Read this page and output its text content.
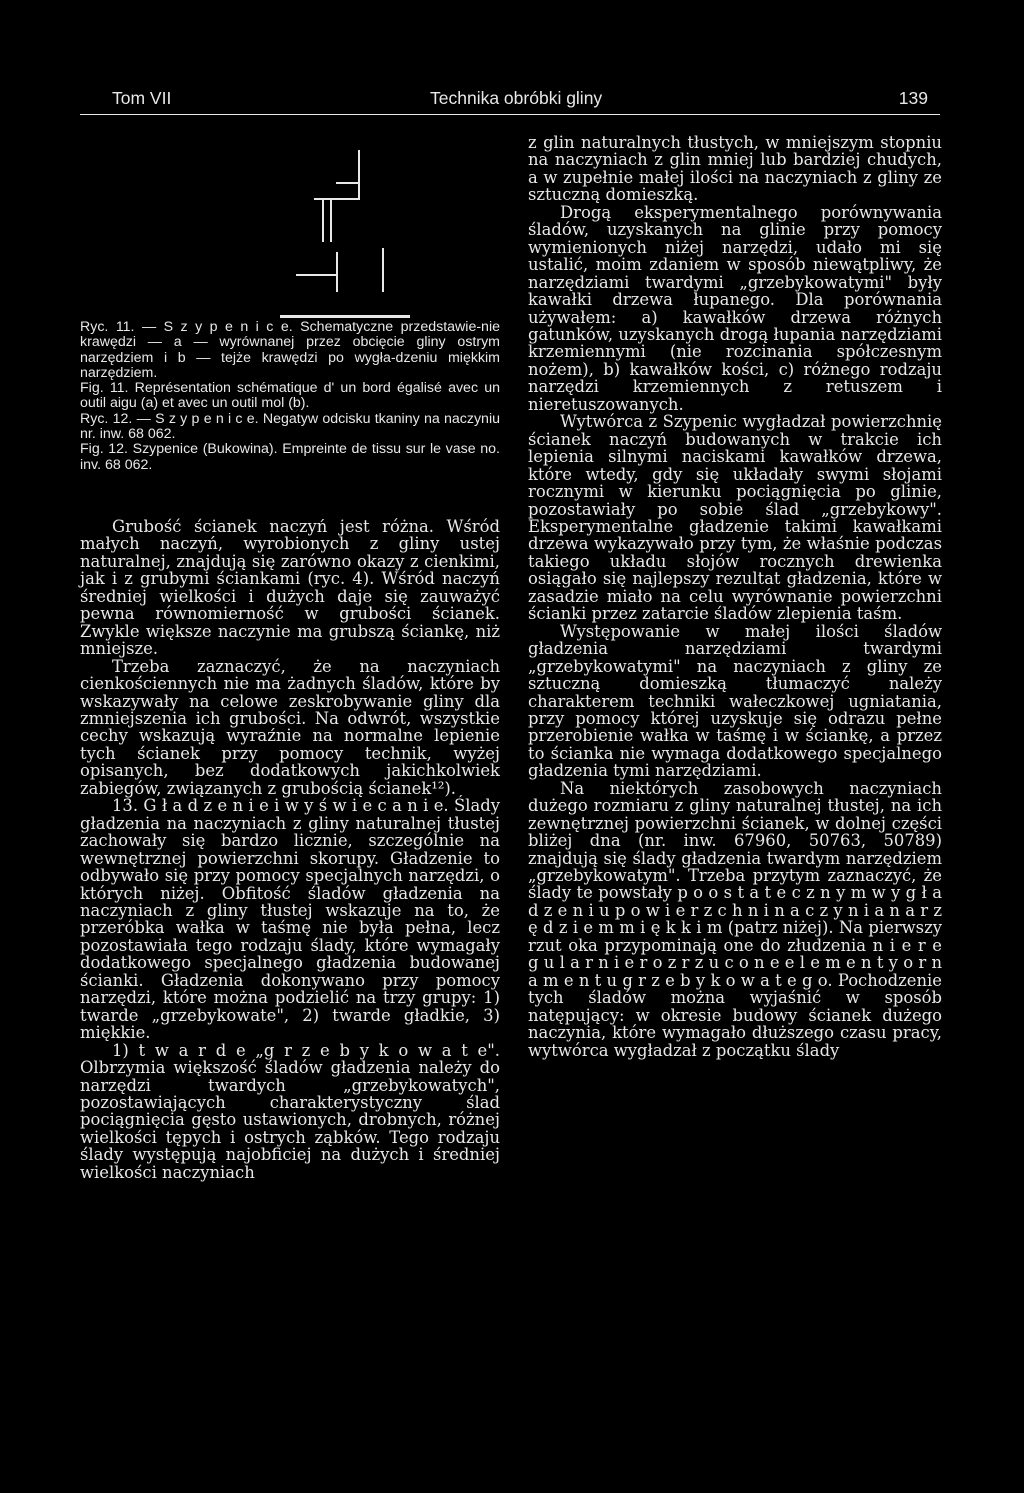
Tom VII	Technika obróbki gliny	139

Ryc. 11. — S z y p e n i c e. Schematyczne przedstawie-nie krawędzi — a — wyrównanej przez obcięcie gliny ostrym narzędziem i b — tejże krawędzi po wygła-dzeniu miękkim narzędziem.

Fig. 11. Représentation schématique d' un bord égalisé avec un outil aigu (a) et avec un outil mol (b).

Ryc. 12. — S z y p e n i c e. Negatyw odcisku tkaniny na naczyniu nr. inw. 68 062.

Fig. 12. Szypenice (Bukowina). Empreinte de tissu sur le vase no. inv. 68 062.

Grubość ścianek naczyń jest różna. Wśród małych naczyń, wyrobionych z gliny ustej naturalnej, znajdują się zarówno okazy z cienkimi, jak i z grubymi ściankami (ryc. 4). Wśród naczyń średniej wielkości i dużych daje się zauważyć pewna równomierność w grubości ścianek. Zwykle większe naczynie ma grubszą ściankę, niż mniejsze.

Trzeba zaznaczyć, że na naczyniach cienkościennych nie ma żadnych śladów, które by wskazywały na celowe zeskrobywanie gliny dla zmniejszenia ich grubości. Na odwrót, wszystkie cechy wskazują wyraźnie na normalne lepienie tych ścianek przy pomocy technik, wyżej opisanych, bez dodatkowych jakichkolwiek zabiegów, związanych z grubością ścianek¹²).

13. G ł a d z e n i e i w y ś w i e c a n i e. Ślady gładzenia na naczyniach z gliny naturalnej tłustej zachowały się bardzo licznie, szczególnie na wewnętrznej powierzchni skorupy. Gładzenie to odbywało się przy pomocy specjalnych narzędzi, o których niżej. Obfitość śladów gładzenia na naczyniach z gliny tłustej wskazuje na to, że przeróbka wałka w taśmę nie była pełna, lecz pozostawiała tego rodzaju ślady, które wymagały dodatkowego specjalnego gładzenia budowanej ścianki. Gładzenia dokonywano przy pomocy narzędzi, które można podzielić na trzy grupy: 1) twarde „grzebykowate", 2) twarde gładkie, 3) miękkie.

1) t w a r d e „g r z e b y k o w a t e". Olbrzymia większość śladów gładzenia należy do narzędzi twardych „grzebykowatych", pozostawiających charakterystyczny ślad pociągnięcia gęsto ustawionych, drobnych, różnej wielkości tępych i ostrych ząbków. Tego rodzaju ślady występują najobficiej na dużych i średniej wielkości naczyniach

z glin naturalnych tłustych, w mniejszym stopniu na naczyniach z glin mniej lub bardziej chudych, a w zupełnie małej ilości na naczyniach z gliny ze sztuczną domieszką.

Drogą eksperymentalnego porównywania śladów, uzyskanych na glinie przy pomocy wymienionych niżej narzędzi, udało mi się ustalić, moim zdaniem w sposób niewątpliwy, że narzędziami twardymi „grzebykowatymi" były kawałki drzewa łupanego. Dla porównania używałem: a) kawałków drzewa różnych gatunków, uzyskanych drogą łupania narzędziami krzemiennymi (nie rozcinania spółczesnym nożem), b) kawałków kości, c) różnego rodzaju narzędzi krzemiennych z retuszem i nieretuszowanych.

Wytwórca z Szypenic wygładzał powierzchnię ścianek naczyń budowanych w trakcie ich lepienia silnymi naciskami kawałków drzewa, które wtedy, gdy się układały swymi słojami rocznymi w kierunku pociągnięcia po glinie, pozostawiały po sobie ślad „grzebykowy". Eksperymentalne gładzenie takimi kawałkami drzewa wykazywało przy tym, że właśnie podczas takiego układu słojów rocznych drewienka osiągało się najlepszy rezultat gładzenia, które w zasadzie miało na celu wyrównanie powierzchni ścianki przez zatarcie śladów zlepienia taśm.

Występowanie w małej ilości śladów gładzenia narzędziami twardymi „grzebykowatymi" na naczyniach z gliny ze sztuczną domieszką tłumaczyć należy charakterem techniki wałeczkowej ugniatania, przy pomocy której uzyskuje się odrazu pełne przerobienie wałka w taśmę i w ściankę, a przez to ścianka nie wymaga dodatkowego specjalnego gładzenia tymi narzędziami.

Na niektórych zasobowych naczyniach dużego rozmiaru z gliny naturalnej tłustej, na ich zewnętrznej powierzchni ścianek, w dolnej części bliżej dna (nr. inw. 67960, 50763, 50789) znajdują się ślady gładzenia twardym narzędziem „grzebykowatym". Trzeba przytym zaznaczyć, że ślady te powstały p o o s t a t e c z n y m w y g ł a d z e n i u p o w i e r z c h n i n a c z y n i a n a r z ę d z i e m m i ę k k i m (patrz niżej). Na pierwszy rzut oka przypominają one do złudzenia n i e r e g u l a r n i e r o z r z u c o n e e l e m e n t y o r n a m e n t u g r z e b y k o w a t e g o. Pochodzenie tych śladów można wyjaśnić w sposób natępujący: w okresie budowy ścianek dużego naczynia, które wymagało dłuższego czasu pracy, wytwórca wygładzał z początku ślady
